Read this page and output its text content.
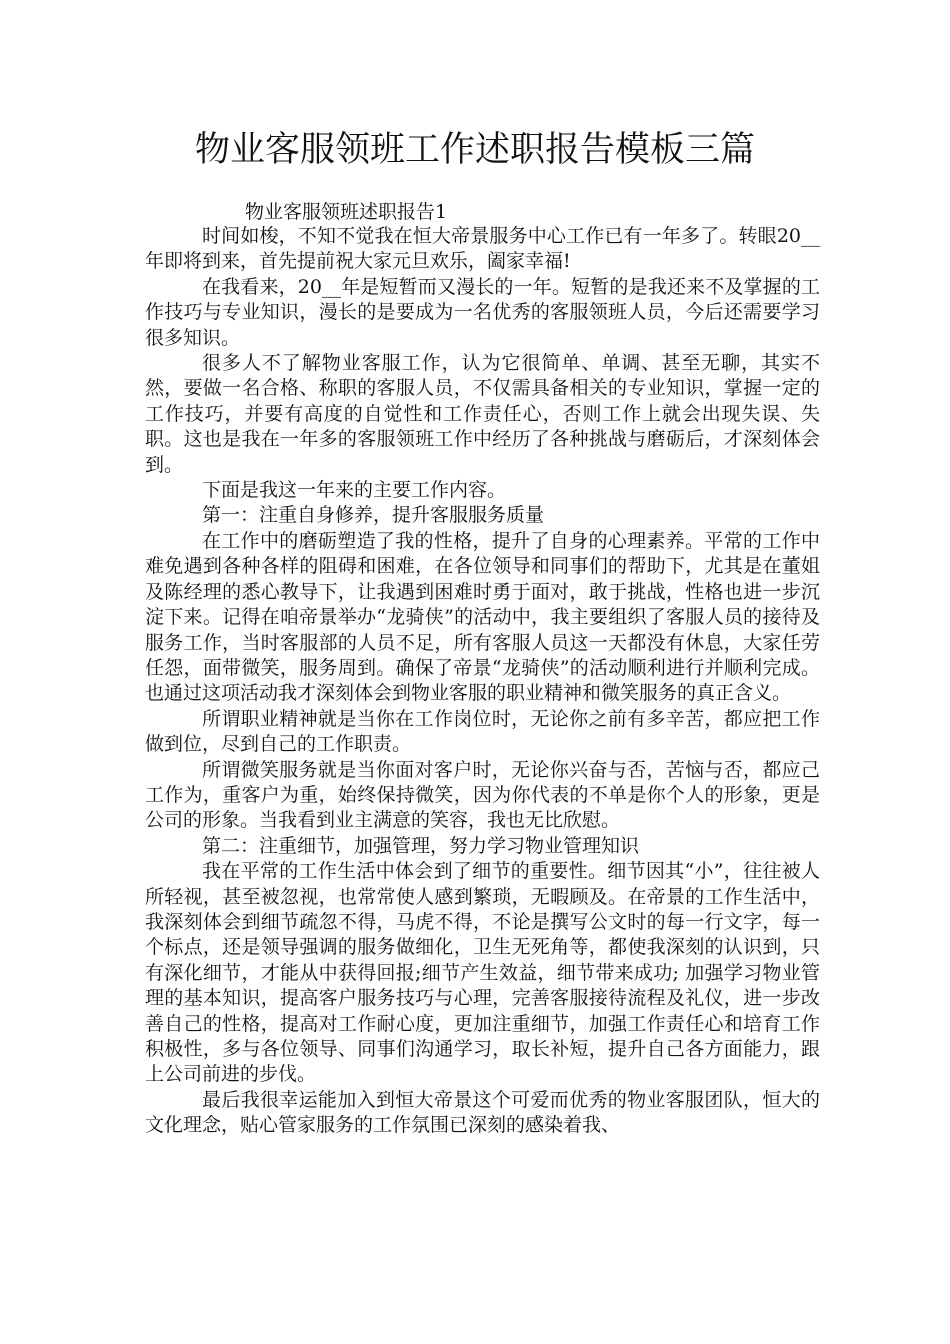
物业客服领班工作述职报告模板三篇
物业客服领班述职报告1

时间如梭，不知不觉我在恒大帝景服务中心工作已有一年多了。转眼20__年即将到来，首先提前祝大家元旦欢乐，阖家幸福!

在我看来，20__年是短暂而又漫长的一年。短暂的是我还来不及掌握的工作技巧与专业知识，漫长的是要成为一名优秀的客服领班人员，今后还需要学习很多知识。

很多人不了解物业客服工作，认为它很简单、单调、甚至无聊，其实不然，要做一名合格、称职的客服人员，不仅需具备相关的专业知识，掌握一定的工作技巧，并要有高度的自觉性和工作责任心，否则工作上就会出现失误、失职。这也是我在一年多的客服领班工作中经历了各种挑战与磨砺后，才深刻体会到。

下面是我这一年来的主要工作内容。

第一：注重自身修养，提升客服服务质量

在工作中的磨砺塑造了我的性格，提升了自身的心理素养。平常的工作中难免遇到各种各样的阻碍和困难，在各位领导和同事们的帮助下，尤其是在董姐及陈经理的悉心教导下，让我遇到困难时勇于面对，敢于挑战，性格也进一步沉淀下来。记得在咱帝景举办“龙骑侠”的活动中，我主要组织了客服人员的接待及服务工作，当时客服部的人员不足，所有客服人员这一天都没有休息，大家任劳任怨，面带微笑，服务周到。确保了帝景“龙骑侠”的活动顺利进行并顺利完成。也通过这项活动我才深刻体会到物业客服的职业精神和微笑服务的真正含义。

所谓职业精神就是当你在工作岗位时，无论你之前有多辛苦，都应把工作做到位，尽到自己的工作职责。

所谓微笑服务就是当你面对客户时，无论你兴奋与否，苦恼与否，都应己工作为，重客户为重，始终保持微笑，因为你代表的不单是你个人的形象，更是公司的形象。当我看到业主满意的笑容，我也无比欣慰。

第二：注重细节，加强管理，努力学习物业管理知识

我在平常的工作生活中体会到了细节的重要性。细节因其“小”，往往被人所轻视，甚至被忽视，也常常使人感到繁琐，无暇顾及。在帝景的工作生活中，我深刻体会到细节疏忽不得，马虎不得，不论是撰写公文时的每一行文字，每一个标点，还是领导强调的服务做细化，卫生无死角等，都使我深刻的认识到，只有深化细节，才能从中获得回报;细节产生效益，细节带来成功; 加强学习物业管理的基本知识，提高客户服务技巧与心理，完善客服接待流程及礼仪，进一步改善自己的性格，提高对工作耐心度，更加注重细节，加强工作责任心和培育工作积极性，多与各位领导、同事们沟通学习，取长补短，提升自己各方面能力，跟上公司前进的步伐。

最后我很幸运能加入到恒大帝景这个可爱而优秀的物业客服团队，恒大的文化理念，贴心管家服务的工作氛围已深刻的感染着我、
